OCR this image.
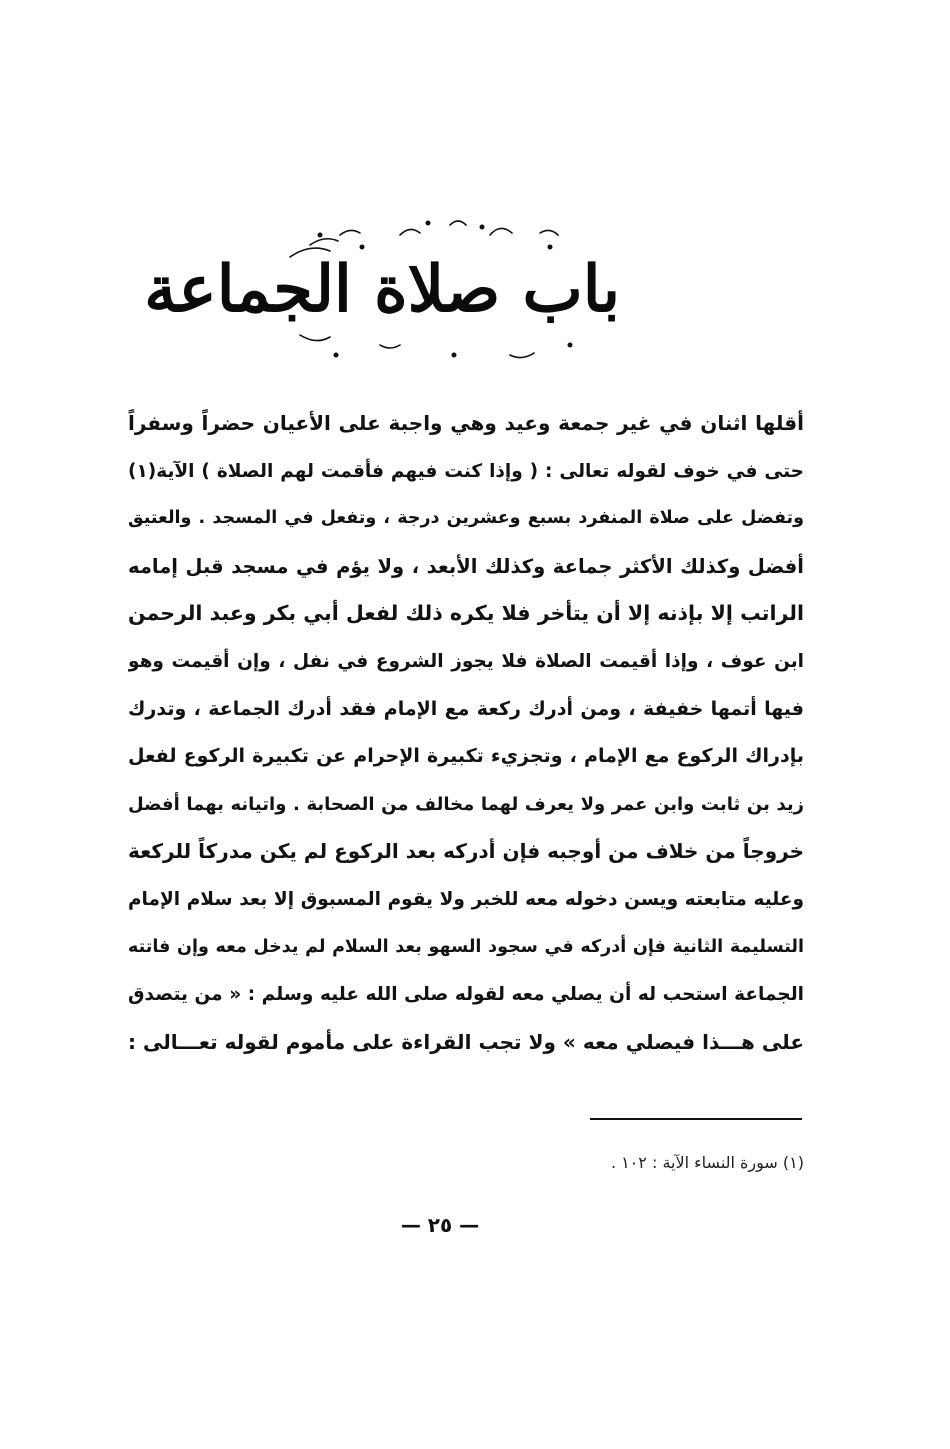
باب صلاة الجماعة
أقلها اثنان في غير جمعة وعيد وهي واجبة على الأعيان حضراً وسفراً
حتى في خوف لقوله تعالى : ( وإذا كنت فيهم فأقمت لهم الصلاة ) الآية(١)
وتفضل على صلاة المنفرد بسبع وعشرين درجة ، وتفعل في المسجد . والعتيق
أفضل وكذلك الأكثر جماعة وكذلك الأبعد ، ولا يؤم في مسجد قبل إمامه
الراتب إلا بإذنه إلا أن يتأخر فلا يكره ذلك لفعل أبي بكر وعبد الرحمن
ابن عوف ، وإذا أقيمت الصلاة فلا يجوز الشروع في نفل ، وإن أقيمت وهو
فيها أتمها خفيفة ، ومن أدرك ركعة مع الإمام فقد أدرك الجماعة ، وتدرك
بإدراك الركوع مع الإمام ، وتجزيء تكبيرة الإحرام عن تكبيرة الركوع لفعل
زيد بن ثابت وابن عمر ولا يعرف لهما مخالف من الصحابة . واتيانه بهما أفضل
خروجاً من خلاف من أوجبه فإن أدركه بعد الركوع لم يكن مدركاً للركعة
وعليه متابعته ويسن دخوله معه للخبر ولا يقوم المسبوق إلا بعد سلام الإمام
التسليمة الثانية فإن أدركه في سجود السهو بعد السلام لم يدخل معه وإن فاتته
الجماعة استحب له أن يصلي معه لقوله صلى الله عليه وسلم : « من يتصدق
على هـــذا فيصلي معه » ولا تجب القراءة على مأموم لقوله تعـــالى :
(١) سورة النساء الآية : ١٠٢ .
— ٢٥ —
